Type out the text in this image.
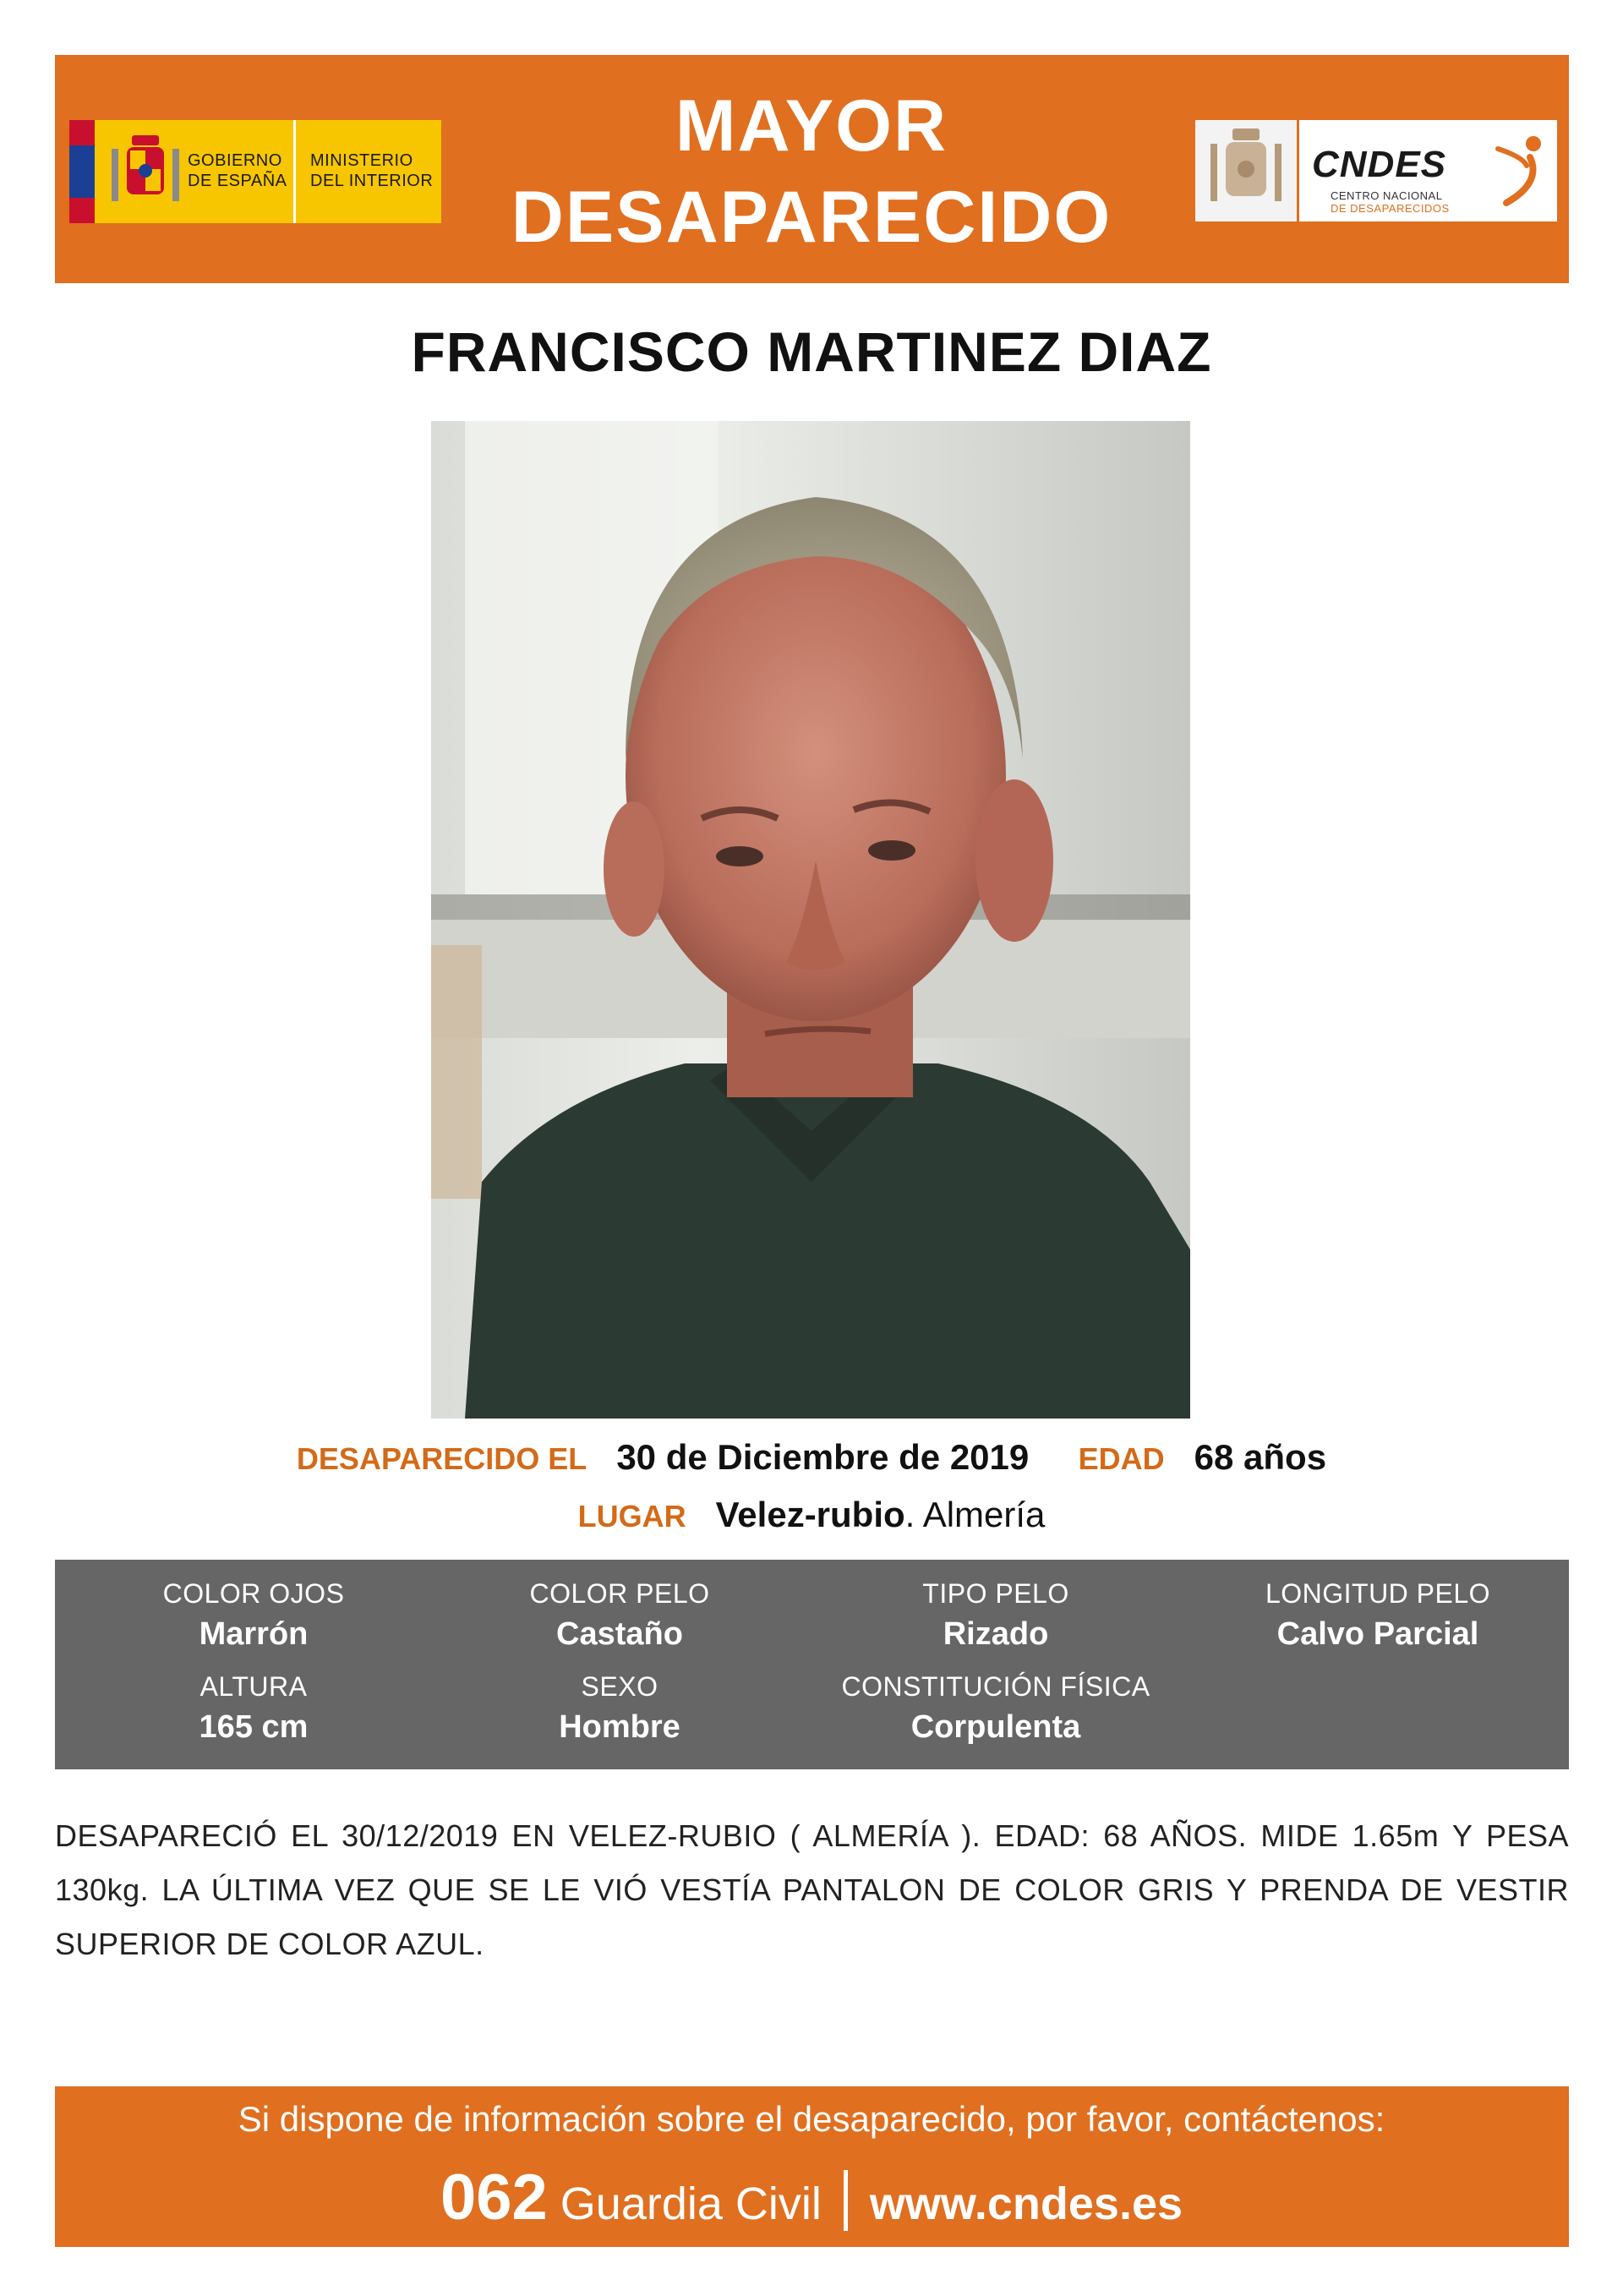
GOBIERNO
DE ESPAÑA
MINISTERIO
DEL INTERIOR
MAYOR
DESAPARECIDO
CNDES
CENTRO NACIONAL
DE DESAPARECIDOS
FRANCISCO MARTINEZ DIAZ
DESAPARECIDO EL 30 de Diciembre de 2019 EDAD 68 años
LUGAR Velez-rubio. Almería
COLOR OJOS
Marrón
COLOR PELO
Castaño
TIPO PELO
Rizado
LONGITUD PELO
Calvo Parcial
ALTURA
165 cm
SEXO
Hombre
CONSTITUCIÓN FÍSICA
Corpulenta
DESAPARECIÓ EL 30/12/2019 EN VELEZ-RUBIO ( ALMERÍA ). EDAD: 68 AÑOS. MIDE 1.65m Y PESA 130kg. LA ÚLTIMA VEZ QUE SE LE VIÓ VESTÍA PANTALON DE COLOR GRIS Y PRENDA DE VESTIR SUPERIOR DE COLOR AZUL.
Si dispone de información sobre el desaparecido, por favor, contáctenos:
062 Guardia Civil www.cndes.es
